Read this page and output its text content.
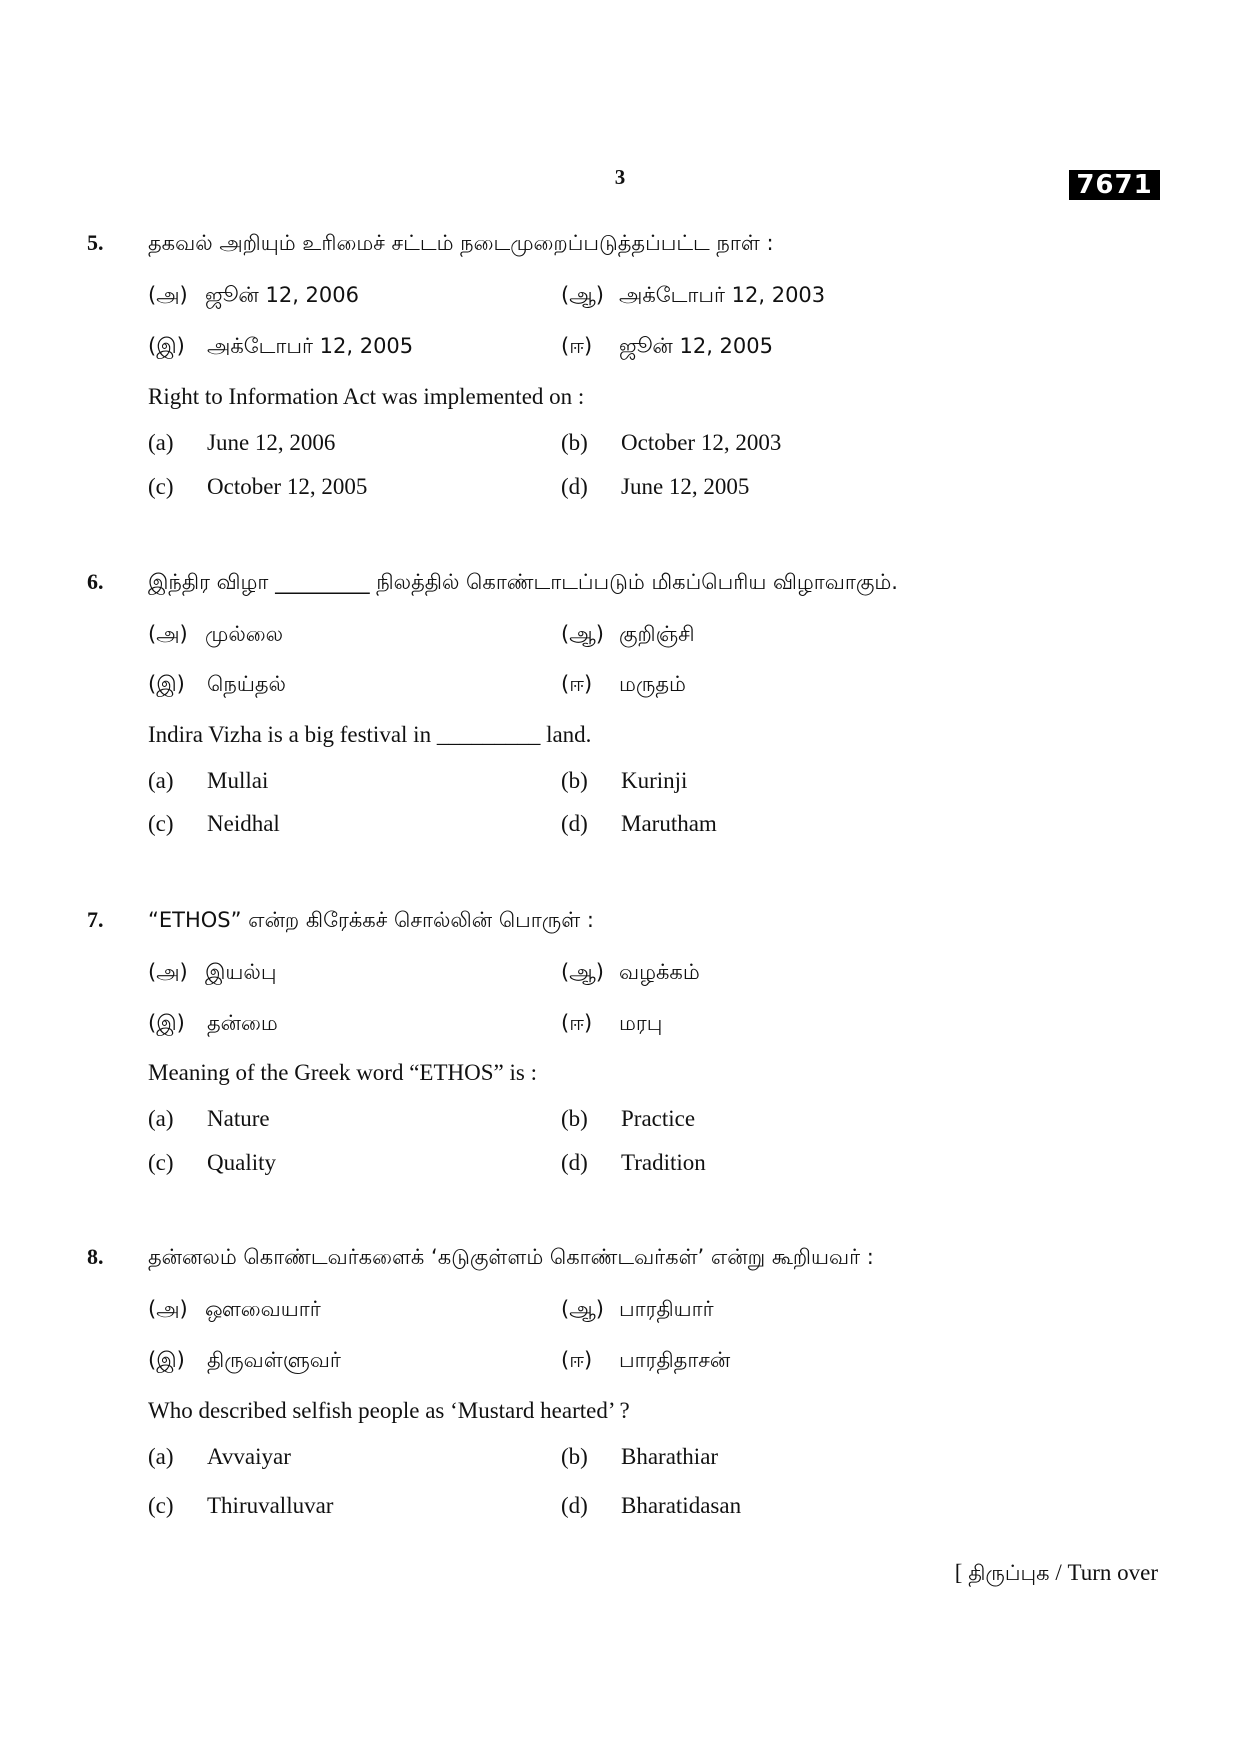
3	7671
5. தகவல் அறியும் உரிமைச் சட்டம் நடைமுறைப்படுத்தப்பட்ட நாள் :
(அ) ஜூன் 12, 2006	(ஆ) அக்டோபர் 12, 2003
(இ) அக்டோபர் 12, 2005	(ஈ) ஜூன் 12, 2005
Right to Information Act was implemented on :
(a) June 12, 2006	(b) October 12, 2003
(c) October 12, 2005	(d) June 12, 2005
6. இந்திர விழா _________ நிலத்தில் கொண்டாடப்படும் மிகப்பெரிய விழாவாகும்.
(அ) முல்லை	(ஆ) குறிஞ்சி
(இ) நெய்தல்	(ஈ) மருதம்
Indira Vizha is a big festival in _________ land.
(a) Mullai	(b) Kurinji
(c) Neidhal	(d) Marutham
7. “ETHOS” என்ற கிரேக்கச் சொல்லின் பொருள் :
(அ) இயல்பு	(ஆ) வழக்கம்
(இ) தன்மை	(ஈ) மரபு
Meaning of the Greek word “ETHOS” is :
(a) Nature	(b) Practice
(c) Quality	(d) Tradition
8. தன்னலம் கொண்டவர்களைக் ‘கடுகுள்ளம் கொண்டவர்கள்’ என்று கூறியவர் :
(அ) ஔவையார்	(ஆ) பாரதியார்
(இ) திருவள்ளுவர்	(ஈ) பாரதிதாசன்
Who described selfish people as ‘Mustard hearted’ ?
(a) Avvaiyar	(b) Bharathiar
(c) Thiruvalluvar	(d) Bharatidasan
[ திருப்புக / Turn over
